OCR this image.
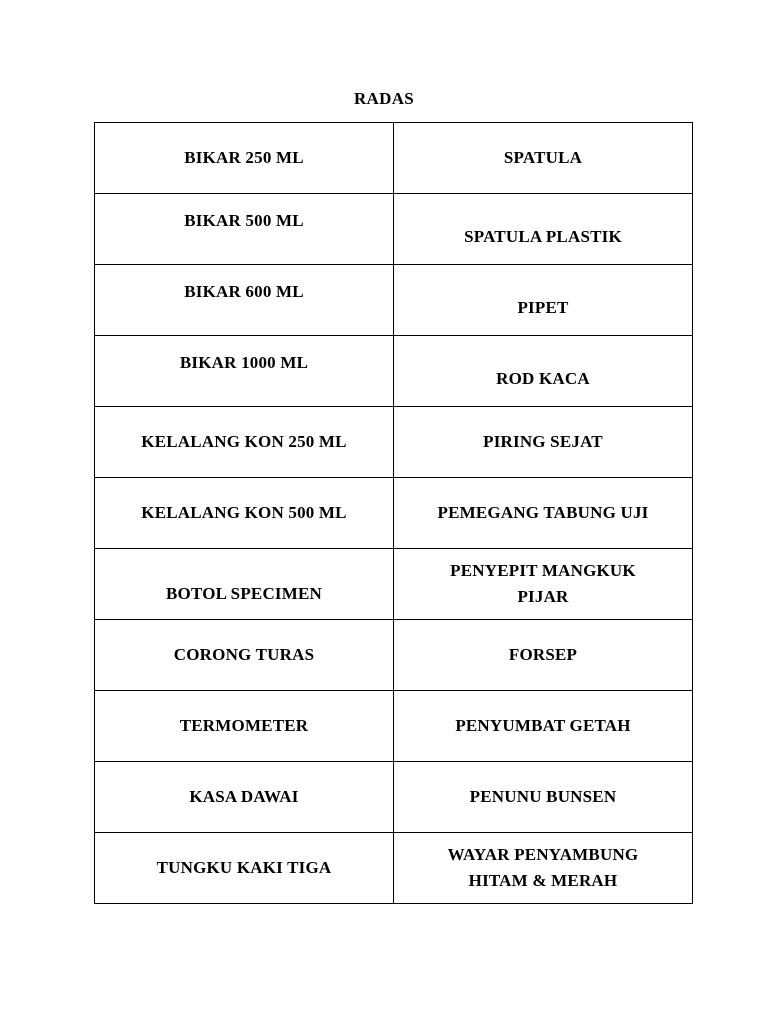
RADAS
BIKAR 250 ML	SPATULA

BIKAR 500 ML	SPATULA PLASTIK

BIKAR 600 ML	PIPET

BIKAR 1000 ML	ROD KACA

KELALANG KON 250 ML	PIRING SEJAT

KELALANG KON 500 ML	PEMEGANG TABUNG UJI

BOTOL SPECIMEN	PENYEPIT MANGKUK
PIJAR

CORONG TURAS	FORSEP

TERMOMETER	PENYUMBAT GETAH

KASA DAWAI	PENUNU BUNSEN

TUNGKU KAKI TIGA	WAYAR PENYAMBUNG
HITAM & MERAH
